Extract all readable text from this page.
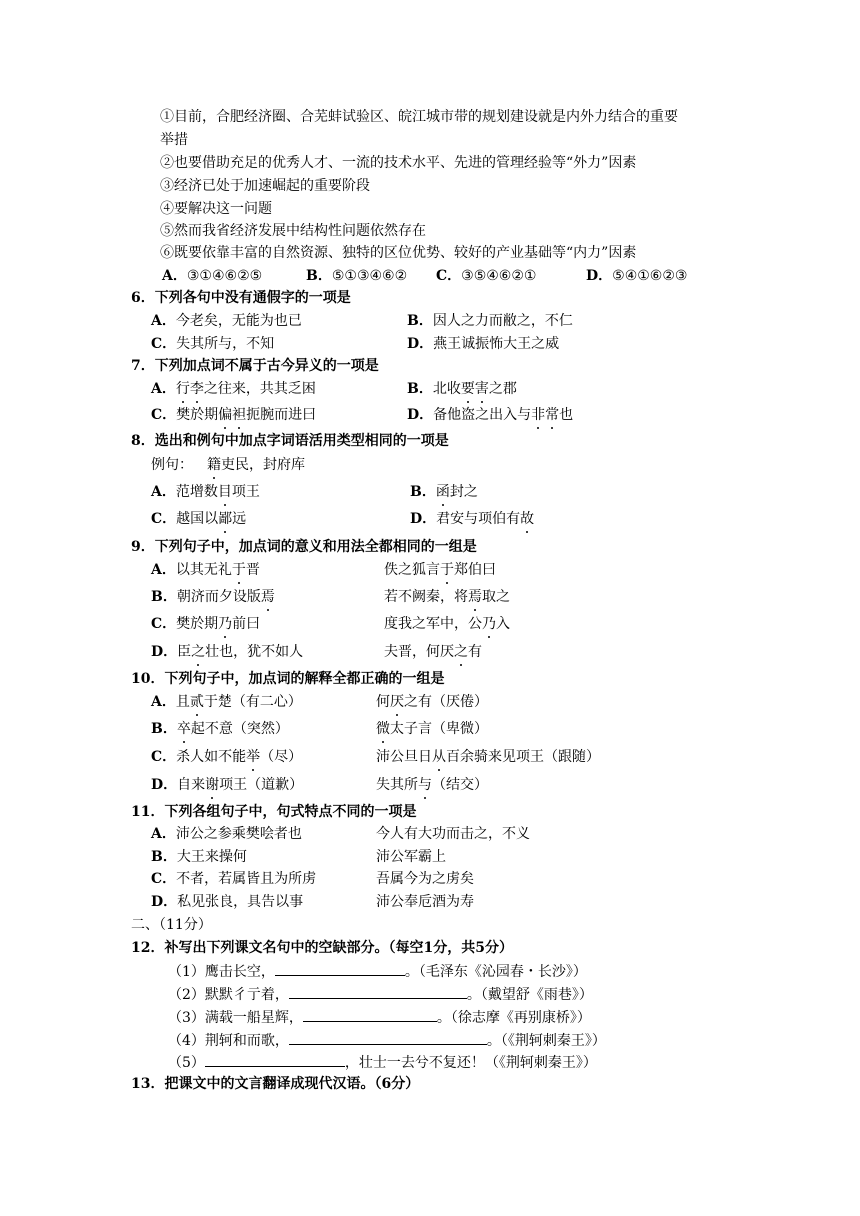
①目前，合肥经济圈、合芜蚌试验区、皖江城市带的规划建设就是内外力结合的重要
举措
②也要借助充足的优秀人才、一流的技术水平、先进的管理经验等“外力”因素
③经济已处于加速崛起的重要阶段
④要解决这一问题
⑤然而我省经济发展中结构性问题依然存在
⑥既要依靠丰富的自然资源、独特的区位优势、较好的产业基础等“内力”因素
A．③①④⑥②⑤	B．⑤①③④⑥② C．③⑤④⑥②①	D．⑤④①⑥②③
6．下列各句中没有通假字的一项是
A．今老矣，无能为也已	B．因人之力而敝之，不仁
C．失其所与，不知	D．燕王诚振怖大王之威
7．下列加点词不属于古今异义的一项是
A．行李之往来，共其乏困	B．北收要害之郡
C．樊於期偏袒扼腕而进曰	D．备他盗之出入与非常也
8．选出和例句中加点字词语活用类型相同的一项是
例句： 籍吏民，封府库
A．范增数目项王	B．函封之
C．越国以鄙远	D．君安与项伯有故
9．下列句子中，加点词的意义和用法全都相同的一组是
A．以其无礼于晋	佚之狐言于郑伯曰
B．朝济而夕设版焉	若不阙秦，将焉取之
C．樊於期乃前曰	度我之军中，公乃入
D．臣之壮也，犹不如人	夫晋，何厌之有
10．下列句子中，加点词的解释全都正确的一组是
A．且贰于楚（有二心）	何厌之有（厌倦）
B．卒起不意（突然）	微太子言（卑微）
C．杀人如不能举（尽）	沛公旦日从百余骑来见项王（跟随）
D．自来谢项王（道歉）	失其所与（结交）
11．下列各组句子中，句式特点不同的一项是
A．沛公之参乘樊哙者也	今人有大功而击之，不义
B．大王来操何	沛公军霸上
C．不者，若属皆且为所虏	吾属今为之虏矣
D．私见张良，具告以事	沛公奉卮酒为寿
二、（11分）
12．补写出下列课文名句中的空缺部分。（每空1分，共5分）
（1）鹰击长空，	。（毛泽东《沁园春・长沙》）
（2）默默彳亍着，	。（戴望舒《雨巷》）
（3）满载一船星辉，	。（徐志摩《再别康桥》）
（4）荆轲和而歌，	。（《荆轲刺秦王》）
（5）	，壮士一去兮不复还！（《荆轲刺秦王》）
13．把课文中的文言翻译成现代汉语。（6分）
